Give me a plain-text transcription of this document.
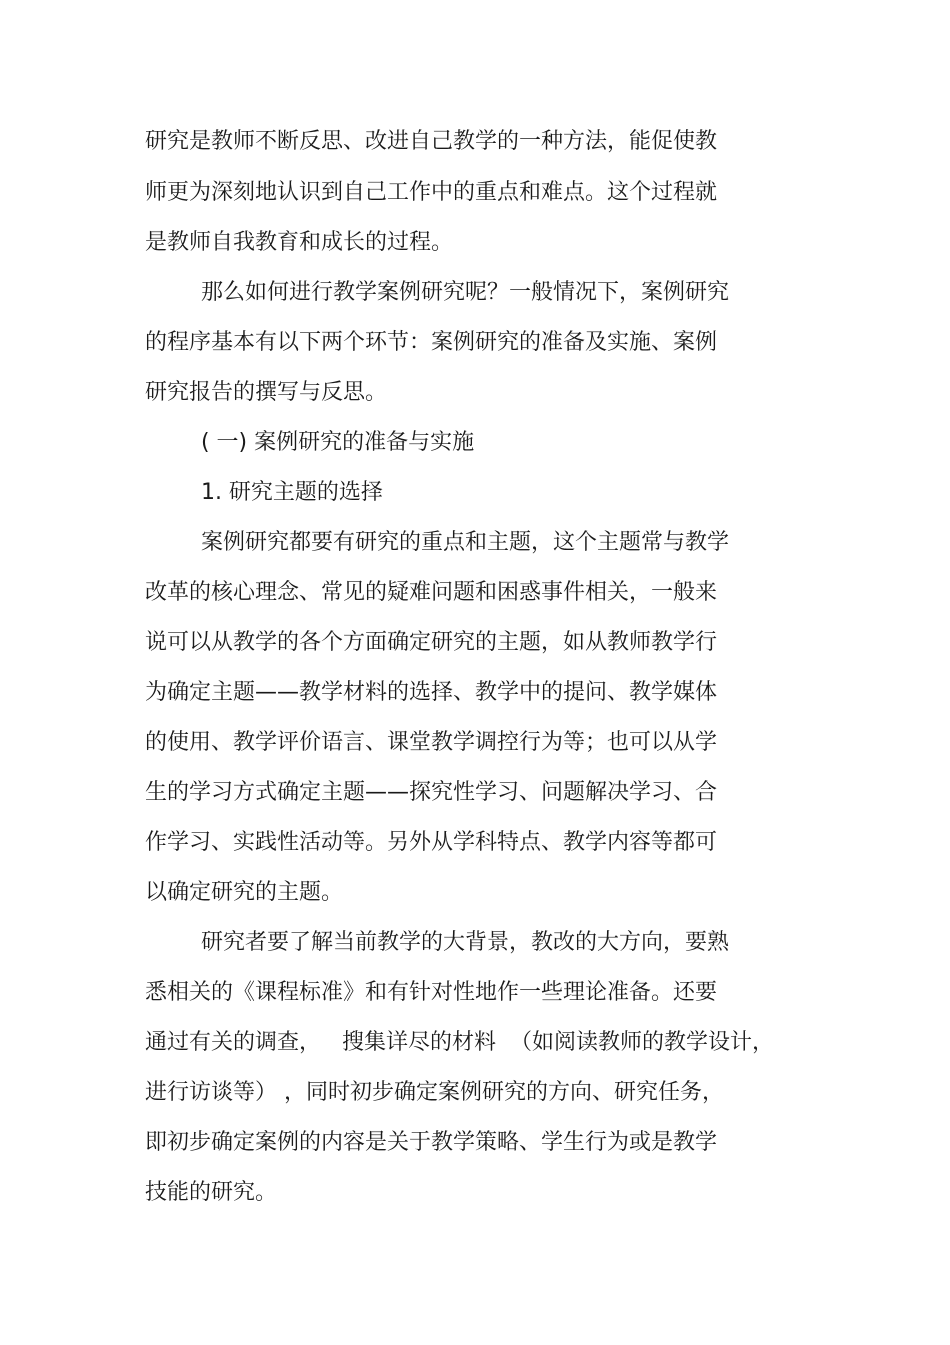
研究是教师不断反思、改进自己教学的一种方法，能促使教

师更为深刻地认识到自己工作中的重点和难点。这个过程就

是教师自我教育和成长的过程。

那么如何进行教学案例研究呢？一般情况下，案例研究

的程序基本有以下两个环节：案例研究的准备及实施、案例

研究报告的撰写与反思。

( 一) 案例研究的准备与实施

1. 研究主题的选择

案例研究都要有研究的重点和主题，这个主题常与教学

改革的核心理念、常见的疑难问题和困惑事件相关，一般来

说可以从教学的各个方面确定研究的主题，如从教师教学行

为确定主题——教学材料的选择、教学中的提问、教学媒体

的使用、教学评价语言、课堂教学调控行为等；也可以从学

生的学习方式确定主题——探究性学习、问题解决学习、合

作学习、实践性活动等。另外从学科特点、教学内容等都可

以确定研究的主题。

研究者要了解当前教学的大背景，教改的大方向，要熟

悉相关的《课程标准》和有针对性地作一些理论准备。还要

通过有关的调查，   搜集详尽的材料  （如阅读教师的教学设计，

进行访谈等） ，同时初步确定案例研究的方向、研究任务，

即初步确定案例的内容是关于教学策略、学生行为或是教学

技能的研究。
